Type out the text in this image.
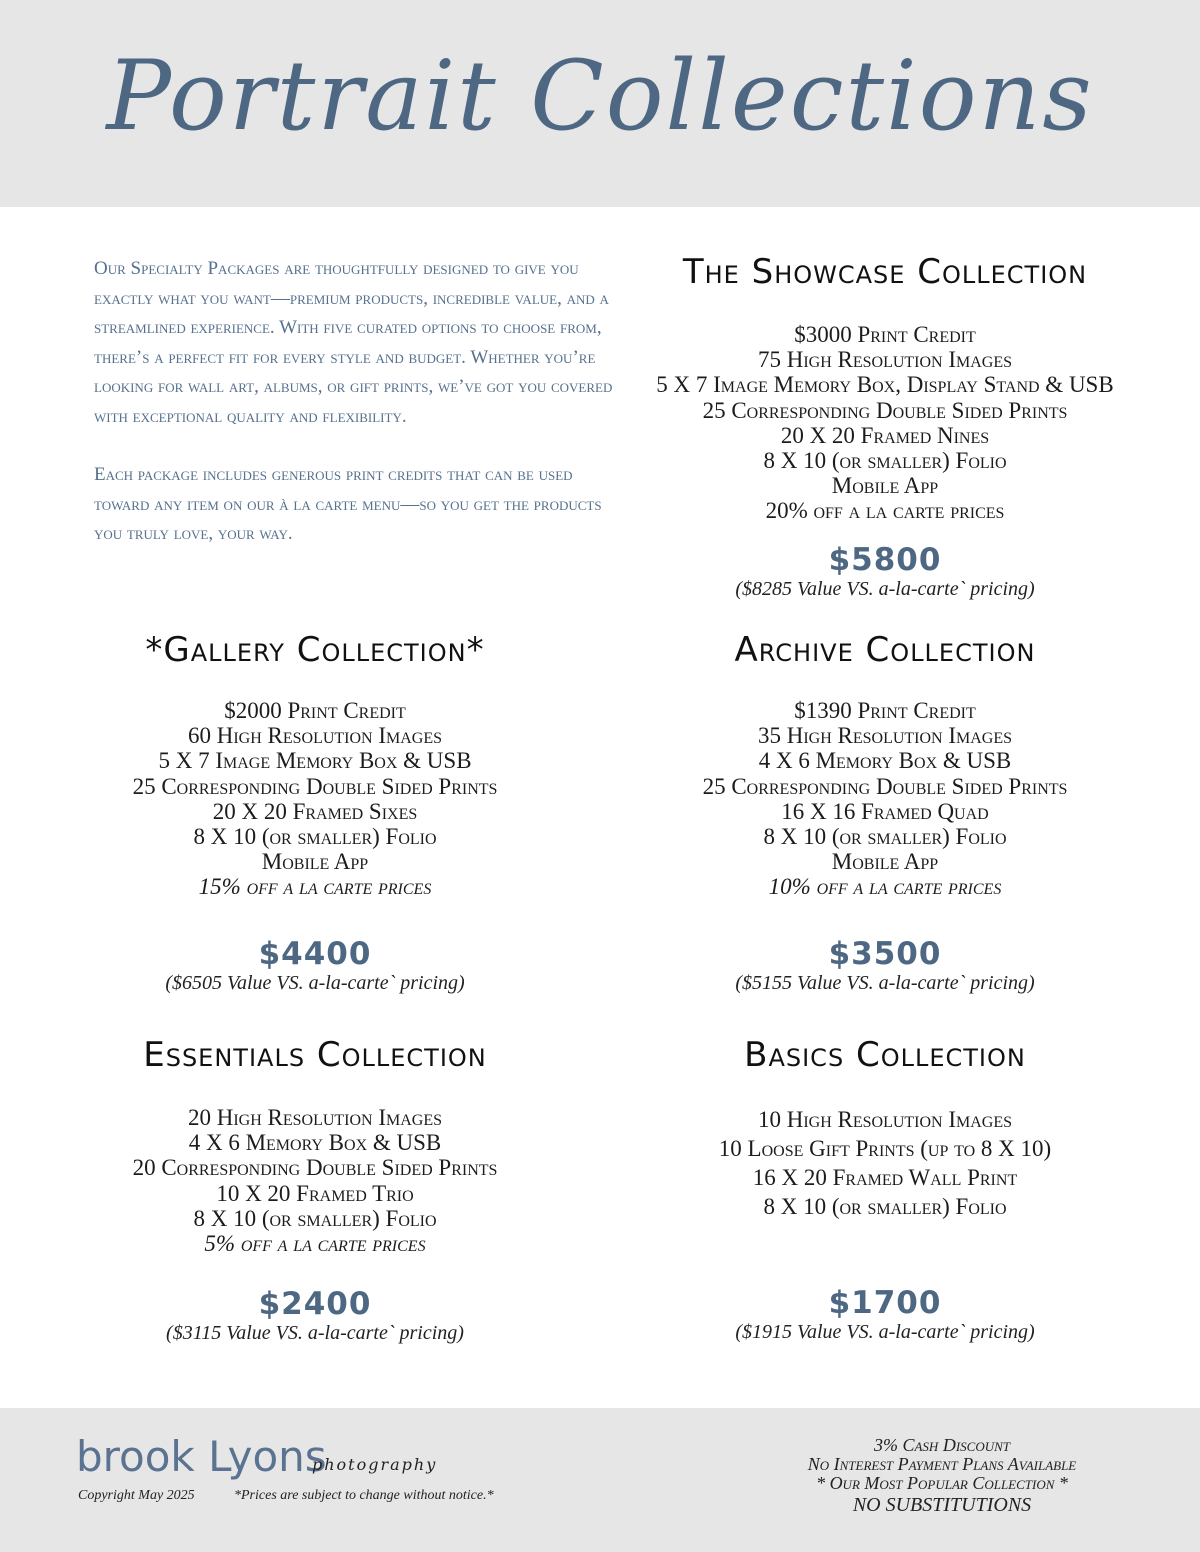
Portrait Collections

Our Specialty Packages are thoughtfully designed to give you exactly what you want—premium products, incredible value, and a streamlined experience. With five curated options to choose from, there’s a perfect fit for every style and budget. Whether you’re looking for wall art, albums, or gift prints, we’ve got you covered with exceptional quality and flexibility.

Each package includes generous print credits that can be used toward any item on our à la carte menu—so you get the products you truly love, your way.

The Showcase Collection
$3000 Print Credit
75 High Resolution Images
5 X 7 Image Memory Box, Display Stand & USB
25 Corresponding Double Sided Prints
20 X 20 Framed Nines
8 X 10 (or smaller) Folio
Mobile App
20% off a la carte prices
$5800
($8285 Value VS. a-la-carte` pricing)
*Gallery Collection*
$2000 Print Credit
60 High Resolution Images
5 X 7 Image Memory Box & USB
25 Corresponding Double Sided Prints
20 X 20 Framed Sixes
8 X 10 (or smaller) Folio
Mobile App
15% off a la carte prices
$4400
($6505 Value VS. a-la-carte` pricing)
Archive Collection
$1390 Print Credit
35 High Resolution Images
4 X 6 Memory Box & USB
25 Corresponding Double Sided Prints
16 X 16 Framed Quad
8 X 10 (or smaller) Folio
Mobile App
10% off a la carte prices
$3500
($5155 Value VS. a-la-carte` pricing)
Essentials Collection
20 High Resolution Images
4 X 6 Memory Box & USB
20 Corresponding Double Sided Prints
10 X 20 Framed Trio
8 X 10 (or smaller) Folio
5% off a la carte prices
$2400
($3115 Value VS. a-la-carte` pricing)
Basics Collection
10 High Resolution Images
10 Loose Gift Prints (up to 8 X 10)
16 X 20 Framed Wall Print
8 X 10 (or smaller) Folio
$1700
($1915 Value VS. a-la-carte` pricing)
brook Lyons
photography
Copyright May 2025	*Prices are subject to change without notice.*
3% Cash Discount
No Interest Payment Plans Available
* Our Most Popular Collection *
NO SUBSTITUTIONS
